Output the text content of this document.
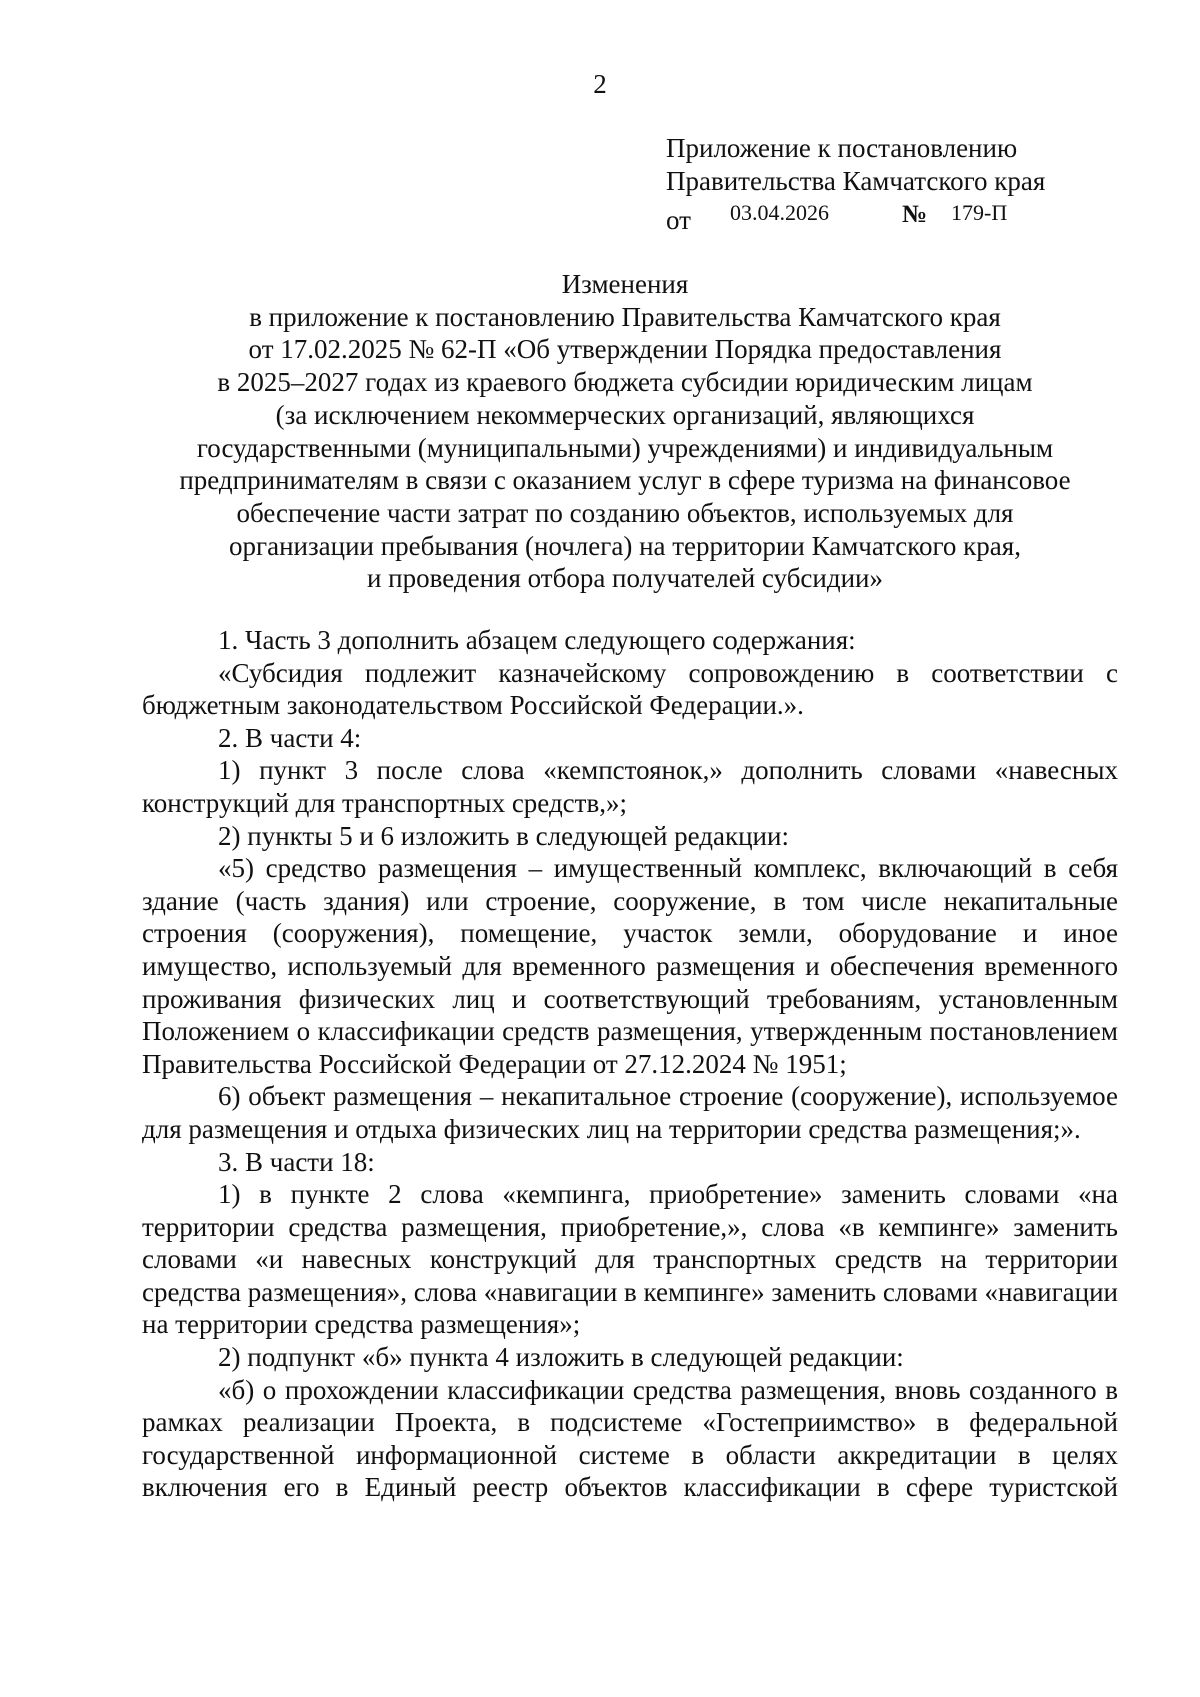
2
Приложение к постановлению
Правительства Камчатского края
от 03.04.2026	№ 179-П
Изменения
в приложение к постановлению Правительства Камчатского края
от 17.02.2025 № 62-П «Об утверждении Порядка предоставления
в 2025–2027 годах из краевого бюджета субсидии юридическим лицам
(за исключением некоммерческих организаций, являющихся
государственными (муниципальными) учреждениями) и индивидуальным
предпринимателям в связи с оказанием услуг в сфере туризма на финансовое
обеспечение части затрат по созданию объектов, используемых для
организации пребывания (ночлега) на территории Камчатского края,
и проведения отбора получателей субсидии»

1. Часть 3 дополнить абзацем следующего содержания:

«Субсидия подлежит казначейскому сопровождению в соответствии с бюджетным законодательством Российской Федерации.».

2. В части 4:

1) пункт 3 после слова «кемпстоянок,» дополнить словами «навесных конструкций для транспортных средств,»;

2) пункты 5 и 6 изложить в следующей редакции:

«5) средство размещения – имущественный комплекс, включающий в себя здание (часть здания) или строение, сооружение, в том числе некапитальные строения (сооружения), помещение, участок земли, оборудование и иное имущество, используемый для временного размещения и обеспечения временного проживания физических лиц и соответствующий требованиям, установленным Положением о классификации средств размещения, утвержденным постановлением Правительства Российской Федерации от 27.12.2024 № 1951;

6) объект размещения – некапитальное строение (сооружение), используемое для размещения и отдыха физических лиц на территории средства размещения;».

3. В части 18:

1) в пункте 2 слова «кемпинга, приобретение» заменить словами «на территории средства размещения, приобретение,», слова «в кемпинге» заменить словами «и навесных конструкций для транспортных средств на территории средства размещения», слова «навигации в кемпинге» заменить словами «навигации на территории средства размещения»;

2) подпункт «б» пункта 4 изложить в следующей редакции:

«б) о прохождении классификации средства размещения, вновь созданного в рамках реализации Проекта, в подсистеме «Гостеприимство» в федеральной государственной информационной системе в области аккредитации в целях включения его в Единый реестр объектов классификации в сфере туристской
